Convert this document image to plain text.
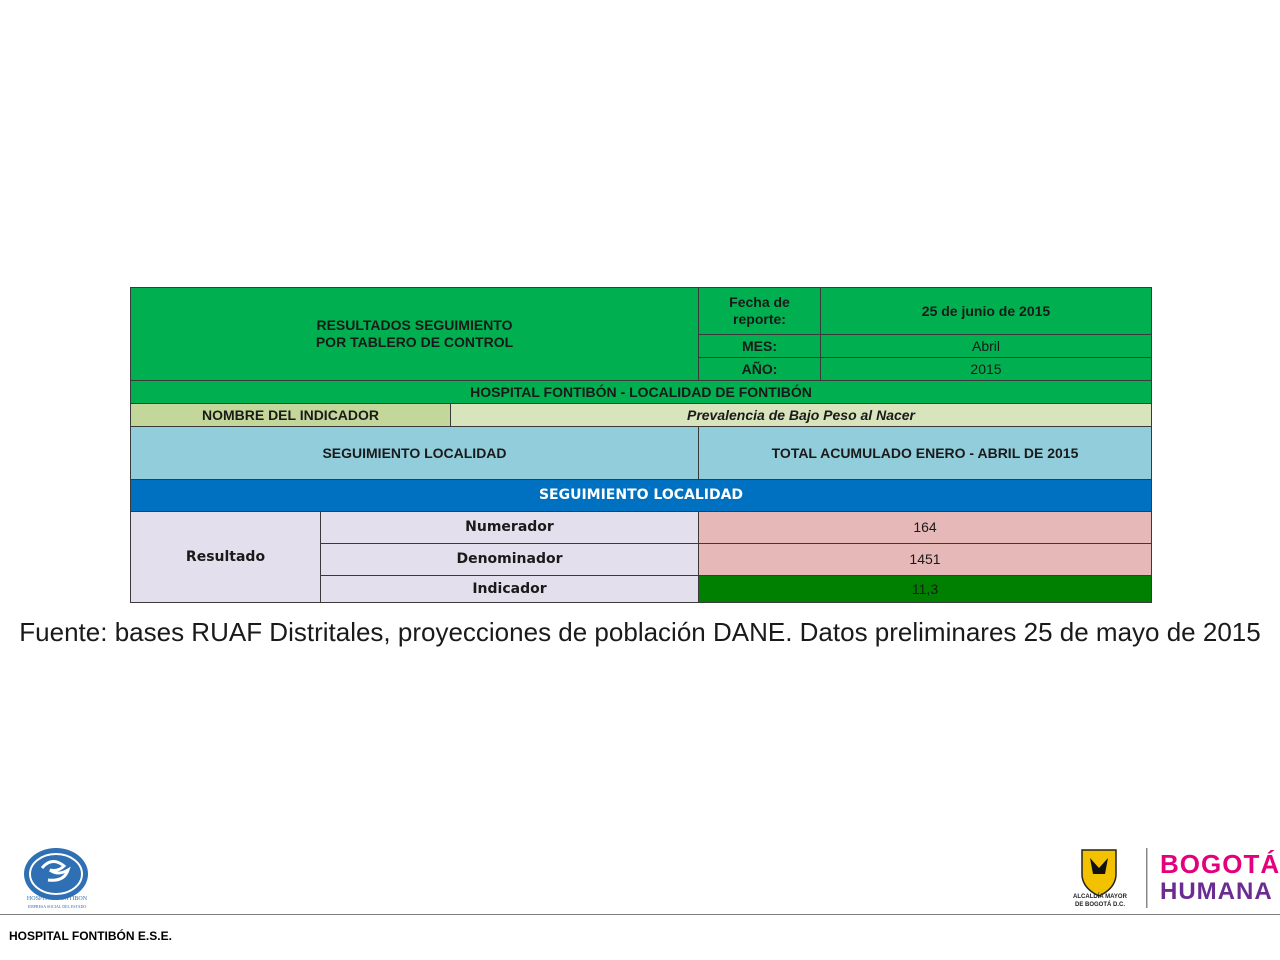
RESULTADOS SEGUIMIENTO
POR TABLERO DE CONTROL			Fecha de reporte:	25 de junio de 2015
			MES:	Abril
			AÑO:	2015
HOSPITAL FONTIBÓN - LOCALIDAD DE FONTIBÓN				

NOMBRE DEL INDICADOR		Prevalencia de Bajo Peso al Nacer		
SEGUIMIENTO LOCALIDAD			TOTAL ACUMULADO ENERO - ABRIL DE 2015	
SEGUIMIENTO LOCALIDAD				
Resultado	Numerador		164	
	Denominador		1451	
	Indicador		11,3	
Fuente: bases RUAF Distritales, proyecciones de población DANE. Datos preliminares 25 de mayo de 2015
HOSPITAL FONTIBON
EMPRESA SOCIAL DEL ESTADO
ALCALDÍA MAYOR
DE BOGOTÁ D.C.
BOGOTÁ
HUMANA
HOSPITAL FONTIBÓN E.S.E.
